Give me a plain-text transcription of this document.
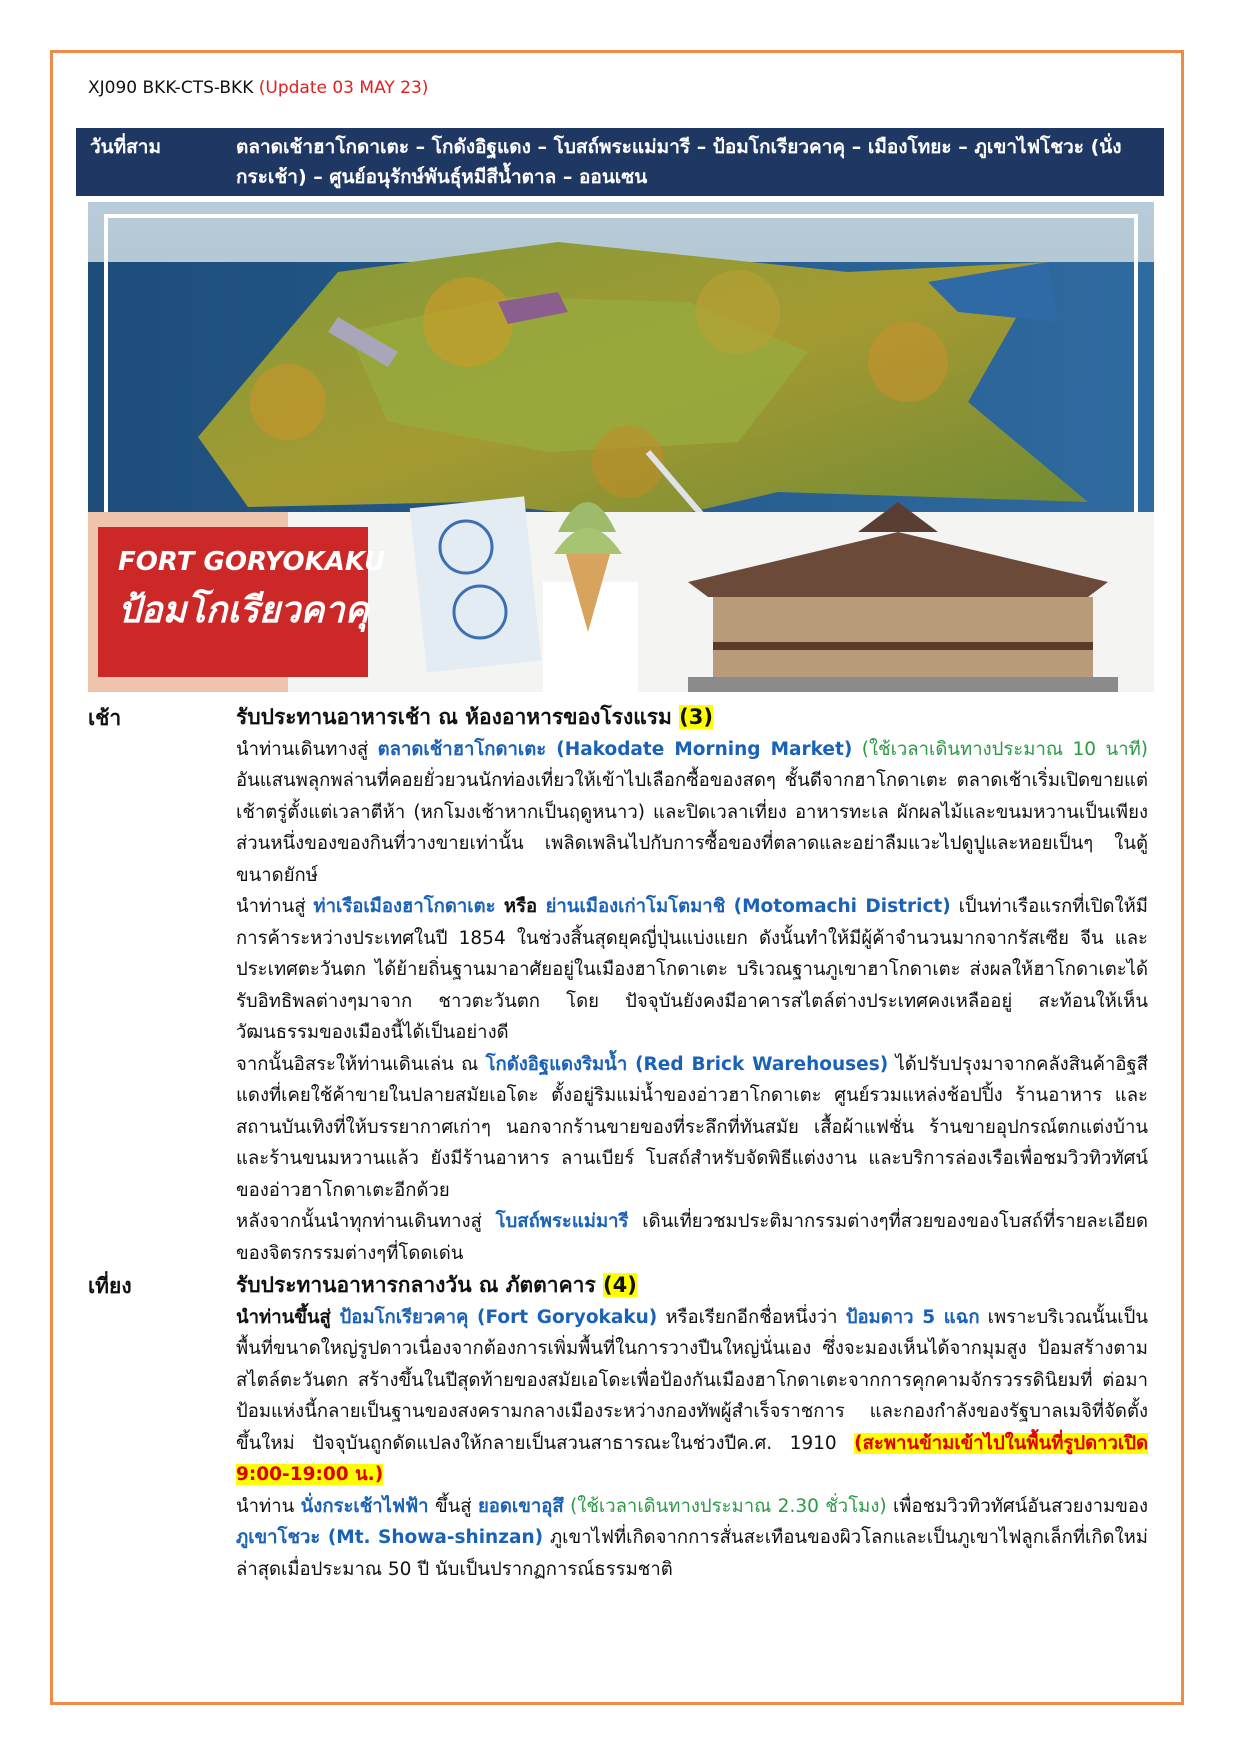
XJ090 BKK-CTS-BKK (Update 03 MAY 23)
วันที่สาม	ตลาดเช้าฮาโกดาเตะ – โกดังอิฐแดง – โบสถ์พระแม่มารี – ป้อมโกเรียวคาคุ – เมืองโทยะ – ภูเขาไฟโชวะ (นั่งกระเช้า) – ศูนย์อนุรักษ์พันธุ์หมีสีน้ำตาล – ออนเซน
FORT GORYOKAKU
ป้อมโกเรียวคาคุ
เช้า	รับประทานอาหารเช้า ณ ห้องอาหารของโรงแรม (3)

นำท่านเดินทางสู่ ตลาดเช้าฮาโกดาเตะ (Hakodate Morning Market) (ใช้เวลาเดินทางประมาณ 10 นาที) อันแสนพลุกพล่านที่คอยยั่วยวนนักท่องเที่ยวให้เข้าไปเลือกซื้อของสดๆ ชั้นดีจากฮาโกดาเตะ ตลาดเช้าเริ่มเปิดขายแต่เช้าตรู่ตั้งแต่เวลาตีห้า (หกโมงเช้าหากเป็นฤดูหนาว) และปิดเวลาเที่ยง อาหารทะเล ผักผลไม้และขนมหวานเป็นเพียงส่วนหนึ่งของของกินที่วางขายเท่านั้น เพลิดเพลินไปกับการซื้อของที่ตลาดและอย่าลืมแวะไปดูปูและหอยเป็นๆ ในตู้ขนาดยักษ์

นำท่านสู่ ท่าเรือเมืองฮาโกดาเตะ หรือ ย่านเมืองเก่าโมโตมาชิ (Motomachi District) เป็นท่าเรือแรกที่เปิดให้มีการค้าระหว่างประเทศในปี 1854 ในช่วงสิ้นสุดยุคญี่ปุ่นแบ่งแยก ดังนั้นทำให้มีผู้ค้าจำนวนมากจากรัสเซีย จีน และประเทศตะวันตก ได้ย้ายถิ่นฐานมาอาศัยอยู่ในเมืองฮาโกดาเตะ บริเวณฐานภูเขาฮาโกดาเตะ ส่งผลให้ฮาโกดาเตะได้รับอิทธิพลต่างๆมาจาก ชาวตะวันตก โดย ปัจจุบันยังคงมีอาคารสไตล์ต่างประเทศคงเหลืออยู่ สะท้อนให้เห็นวัฒนธรรมของเมืองนี้ได้เป็นอย่างดี

จากนั้นอิสระให้ท่านเดินเล่น ณ โกดังอิฐแดงริมน้ำ (Red Brick Warehouses) ได้ปรับปรุงมาจากคลังสินค้าอิฐสีแดงที่เคยใช้ค้าขายในปลายสมัยเอโดะ ตั้งอยู่ริมแม่น้ำของอ่าวฮาโกดาเตะ ศูนย์รวมแหล่งช้อปปิ้ง ร้านอาหาร และสถานบันเทิงที่ให้บรรยากาศเก่าๆ นอกจากร้านขายของที่ระลึกที่ทันสมัย เสื้อผ้าแฟชั่น ร้านขายอุปกรณ์ตกแต่งบ้าน และร้านขนมหวานแล้ว ยังมีร้านอาหาร ลานเบียร์ โบสถ์สำหรับจัดพิธีแต่งงาน และบริการล่องเรือเพื่อชมวิวทิวทัศน์ของอ่าวฮาโกดาเตะอีกด้วย

หลังจากนั้นนำทุกท่านเดินทางสู่ โบสถ์พระแม่มารี เดินเที่ยวชมประติมากรรมต่างๆที่สวยของของโบสถ์ที่รายละเอียดของจิตรกรรมต่างๆที่โดดเด่น

เที่ยง	รับประทานอาหารกลางวัน ณ ภัตตาคาร (4)

นำท่านขึ้นสู่ ป้อมโกเรียวคาคุ (Fort Goryokaku) หรือเรียกอีกชื่อหนึ่งว่า ป้อมดาว 5 แฉก เพราะบริเวณนั้นเป็นพื้นที่ขนาดใหญ่รูปดาวเนื่องจากต้องการเพิ่มพื้นที่ในการวางปืนใหญ่นั่นเอง ซึ่งจะมองเห็นได้จากมุมสูง ป้อมสร้างตามสไตล์ตะวันตก สร้างขึ้นในปีสุดท้ายของสมัยเอโดะเพื่อป้องกันเมืองฮาโกดาเตะจากการคุกคามจักรวรรดินิยมที่ ต่อมาป้อมแห่งนี้กลายเป็นฐานของสงครามกลางเมืองระหว่างกองทัพผู้สำเร็จราชการ และกองกำลังของรัฐบาลเมจิที่จัดตั้งขึ้นใหม่ ปัจจุบันถูกดัดแปลงให้กลายเป็นสวนสาธารณะในช่วงปีค.ศ. 1910 (สะพานข้ามเข้าไปในพื้นที่รูปดาวเปิด 9:00-19:00 น.)

นำท่าน นั่งกระเช้าไฟฟ้า ขึ้นสู่ ยอดเขาอุสึ (ใช้เวลาเดินทางประมาณ 2.30 ชั่วโมง) เพื่อชมวิวทิวทัศน์อันสวยงามของ ภูเขาโชวะ (Mt. Showa-shinzan) ภูเขาไฟที่เกิดจากการสั่นสะเทือนของผิวโลกและเป็นภูเขาไฟลูกเล็กที่เกิดใหม่ล่าสุดเมื่อประมาณ 50 ปี นับเป็นปรากฏการณ์ธรรมชาติ
